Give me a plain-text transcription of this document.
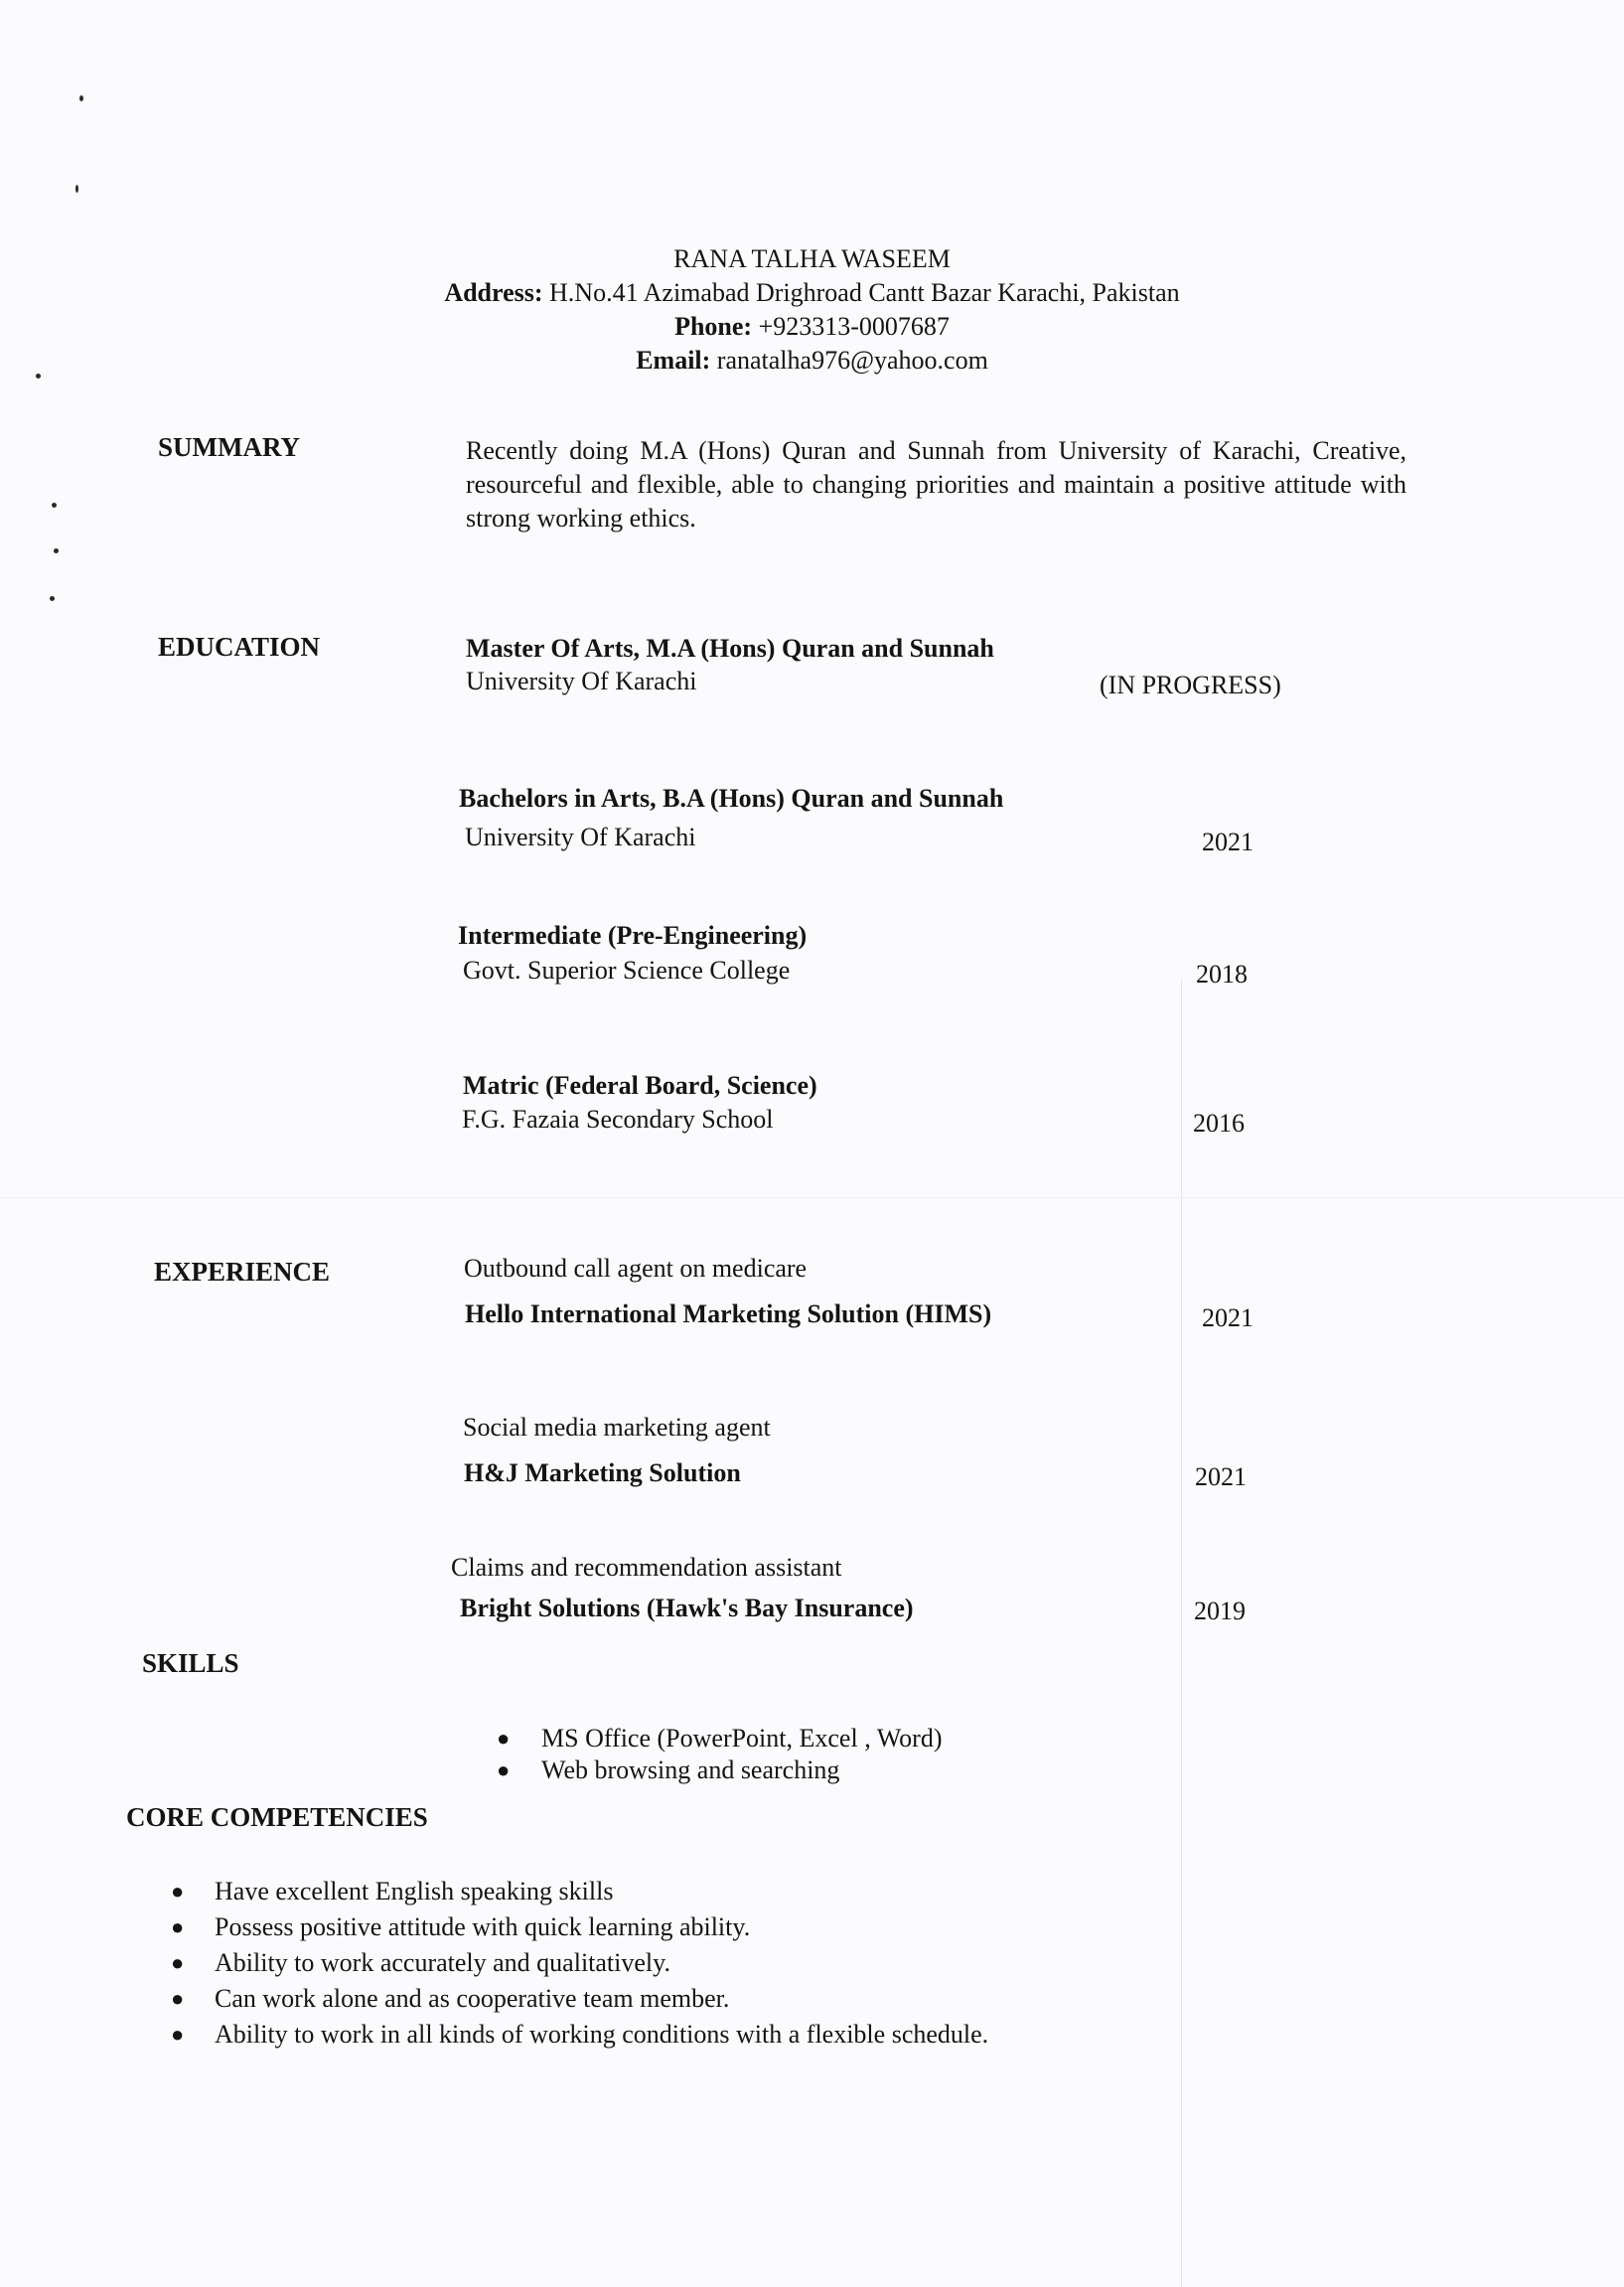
RANA TALHA WASEEM
Address: H.No.41 Azimabad Drighroad Cantt Bazar Karachi, Pakistan
Phone: +923313-0007687
Email: ranatalha976@yahoo.com
SUMMARY	Recently doing M.A (Hons) Quran and Sunnah from University of Karachi, Creative, resourceful and flexible, able to changing priorities and maintain a positive attitude with strong working ethics.
EDUCATION	Master Of Arts, M.A (Hons) Quran and Sunnah
University Of Karachi	(IN PROGRESS)
Bachelors in Arts, B.A (Hons) Quran and Sunnah
University Of Karachi	2021
Intermediate (Pre-Engineering)
Govt. Superior Science College	2018
Matric (Federal Board, Science)
F.G. Fazaia Secondary School	2016
EXPERIENCE	Outbound call agent on medicare
Hello International Marketing Solution (HIMS)	2021
Social media marketing agent
H&J Marketing Solution	2021
Claims and recommendation assistant
Bright Solutions (Hawk's Bay Insurance)	2019
SKILLS
● MS Office (PowerPoint, Excel , Word)
● Web browsing and searching
CORE COMPETENCIES
● Have excellent English speaking skills
● Possess positive attitude with quick learning ability.
● Ability to work accurately and qualitatively.
● Can work alone and as cooperative team member.
● Ability to work in all kinds of working conditions with a flexible schedule.
